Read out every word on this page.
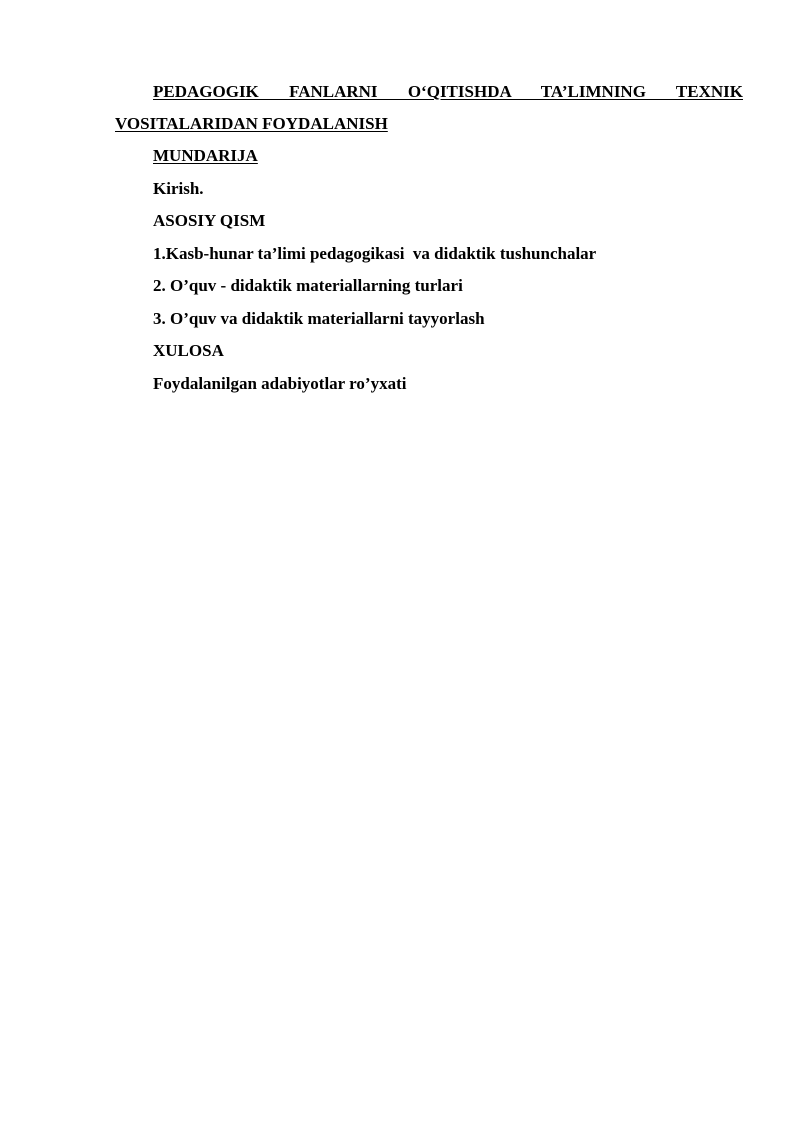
PEDAGOGIK FANLARNI O‘QITISHDA TA’LIMNING TEXNIK VOSITALARIDAN FOYDALANISH

MUNDARIJA
Kirish.
ASOSIY QISM
1.Kasb-hunar ta’limi pedagogikasi  va didaktik tushunchalar
2. O’quv - didaktik materiallarning turlari
3. O’quv va didaktik materiallarni tayyorlash
XULOSA
Foydalanilgan adabiyotlar ro’yxati
